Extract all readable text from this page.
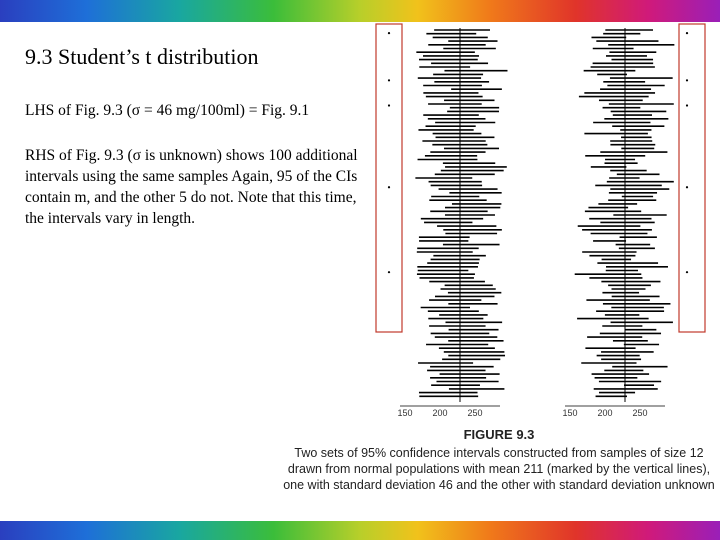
9.3 Student’s t distribution

LHS of Fig. 9.3 (σ = 46 mg/100ml) = Fig. 9.1

RHS of Fig. 9.3 (σ is unknown) shows 100 additional intervals using the same samples Again, 95 of the CIs contain m, and the other 5 do not. Note that this time, the intervals vary in length.

150 200 250	150 200 250
FIGURE 9.3
Two sets of 95% confidence intervals constructed from samples of size 12 drawn from normal populations with mean 211 (marked by the vertical lines), one with standard deviation 46 and the other with standard deviation unknown
